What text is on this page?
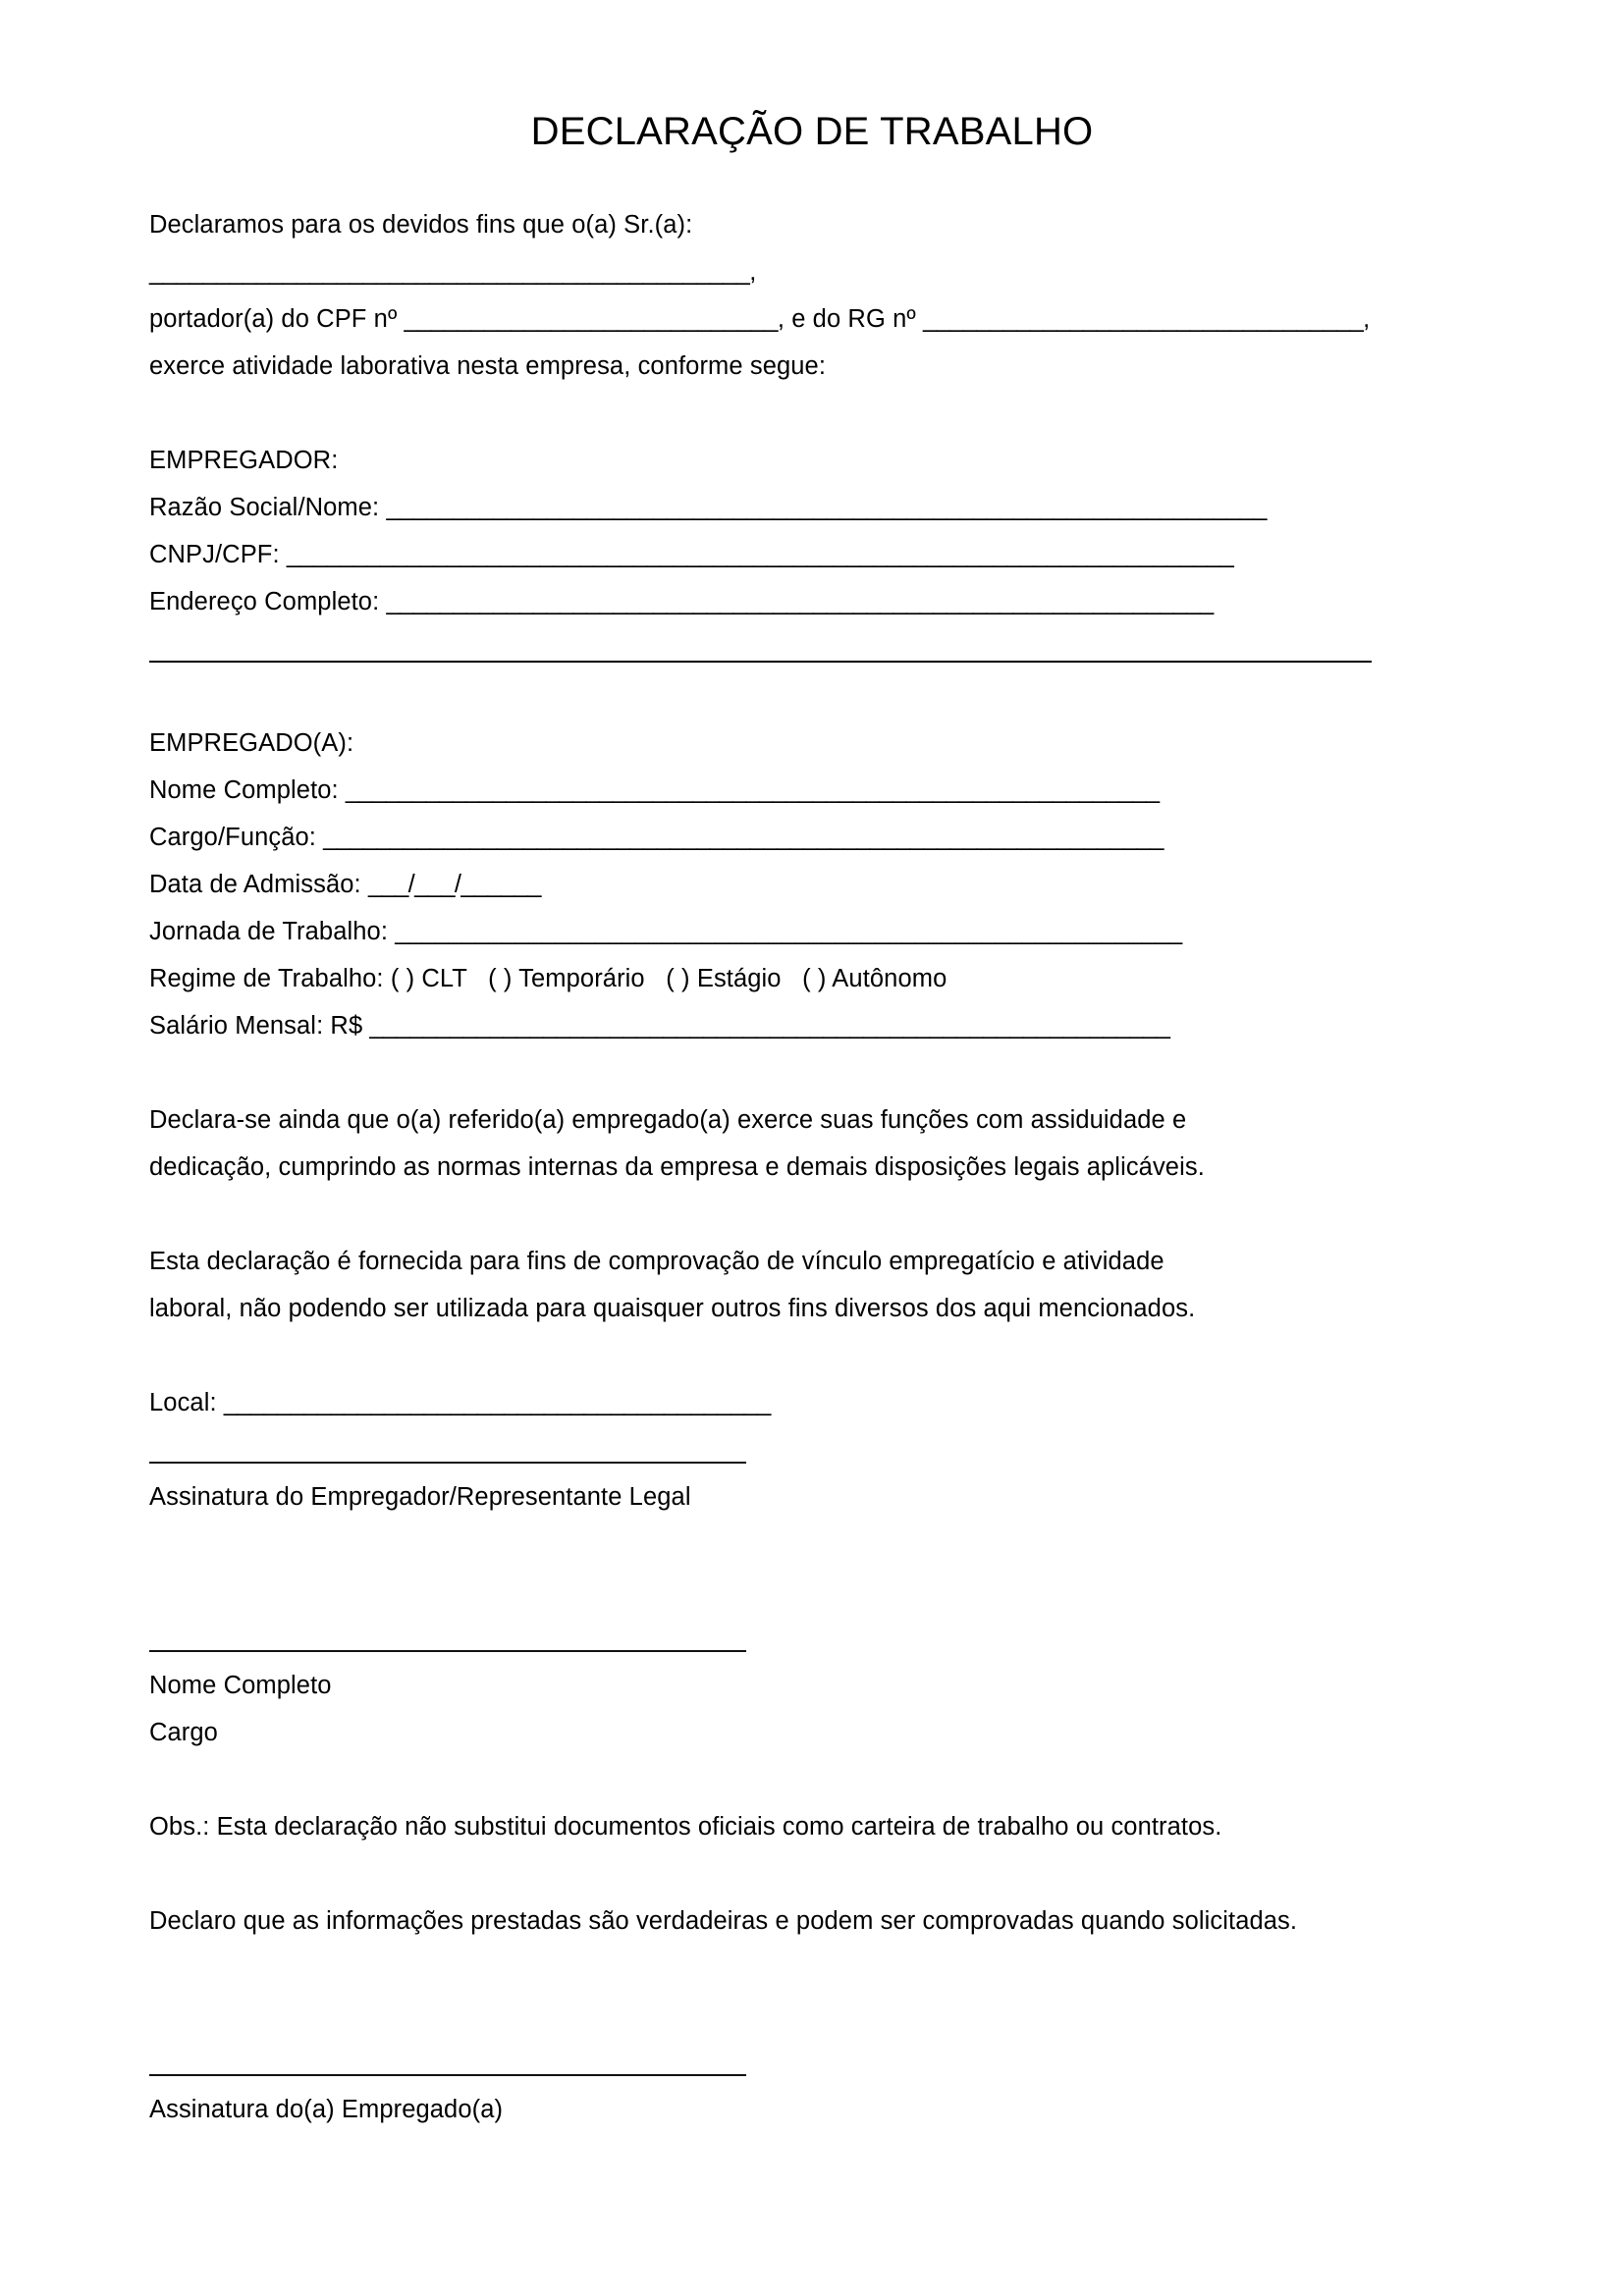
DECLARAÇÃO DE TRABALHO
Declaramos para os devidos fins que o(a) Sr.(a):
_____________________________________________,
portador(a) do CPF nº ____________________________, e do RG nº _________________________________,
exerce atividade laborativa nesta empresa, conforme segue:
EMPREGADOR:
Razão Social/Nome: __________________________________________________________________
CNPJ/CPF: _______________________________________________________________________
Endereço Completo: ______________________________________________________________
EMPREGADO(A):
Nome Completo: _____________________________________________________________
Cargo/Função: _______________________________________________________________
Data de Admissão: ___/___/______
Jornada de Trabalho: ___________________________________________________________
Regime de Trabalho: ( ) CLT ( ) Temporário ( ) Estágio ( ) Autônomo
Salário Mensal: R$ ____________________________________________________________
Declara-se ainda que o(a) referido(a) empregado(a) exerce suas funções com assiduidade e
dedicação, cumprindo as normas internas da empresa e demais disposições legais aplicáveis.
Esta declaração é fornecida para fins de comprovação de vínculo empregatício e atividade
laboral, não podendo ser utilizada para quaisquer outros fins diversos dos aqui mencionados.
Local: _________________________________________
Assinatura do Empregador/Representante Legal
Nome Completo
Cargo
Obs.: Esta declaração não substitui documentos oficiais como carteira de trabalho ou contratos.
Declaro que as informações prestadas são verdadeiras e podem ser comprovadas quando solicitadas.
Assinatura do(a) Empregado(a)
